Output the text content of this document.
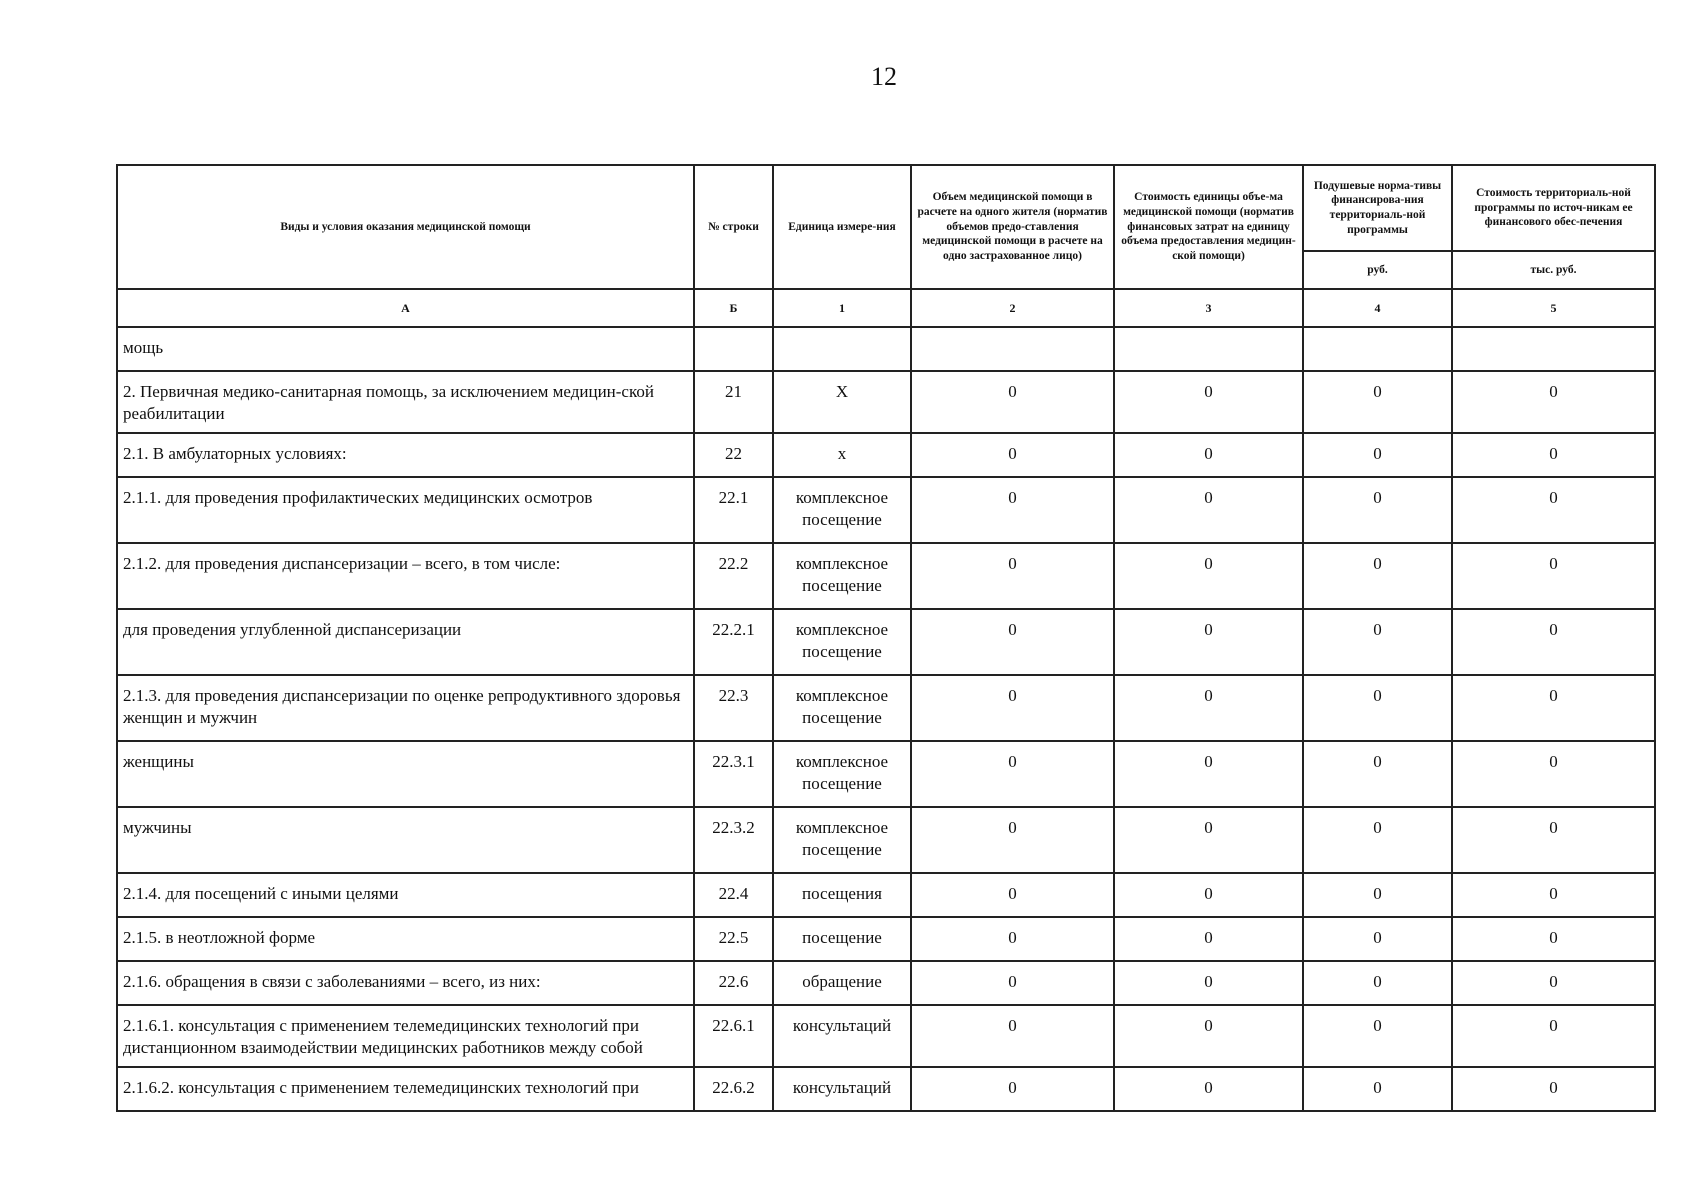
12
Виды и условия оказания медицинской помощи	№ строки	Единица измере-ния	Объем медицинской помощи в расчете на одного жителя (норматив объемов предо-ставления медицинской помощи в расчете на одно застрахованное лицо)	Стоимость единицы объе-ма медицинской помощи (норматив финансовых затрат на единицу объема предоставления медицин-ской помощи)	Подушевые норма-тивы финансирова-ния территориаль-ной программы	Стоимость территориаль-ной программы по источ-никам ее финансового обес-печения
					руб.	тыс. руб.
А	Б	1	2	3	4	5
мощь						
2. Первичная медико-санитарная помощь, за исключением медицин-ской реабилитации	21	X	0	0	0	0
2.1. В амбулаторных условиях:	22	х	0	0	0	0
2.1.1. для проведения профилактических медицинских осмотров	22.1	комплексное посещение	0	0	0	0
2.1.2. для проведения диспансеризации – всего, в том числе:	22.2	комплексное посещение	0	0	0	0
для проведения углубленной диспансеризации	22.2.1	комплексное посещение	0	0	0	0
2.1.3. для проведения диспансеризации по оценке репродуктивного здоровья женщин и мужчин	22.3	комплексное посещение	0	0	0	0
женщины	22.3.1	комплексное посещение	0	0	0	0
мужчины	22.3.2	комплексное посещение	0	0	0	0
2.1.4. для посещений с иными целями	22.4	посещения	0	0	0	0
2.1.5. в неотложной форме	22.5	посещение	0	0	0	0
2.1.6. обращения в связи с заболеваниями – всего, из них:	22.6	обращение	0	0	0	0
2.1.6.1. консультация с применением телемедицинских технологий при дистанционном взаимодействии медицинских работников между собой	22.6.1	консультаций	0	0	0	0
2.1.6.2. консультация с применением телемедицинских технологий при	22.6.2	консультаций	0	0	0	0
